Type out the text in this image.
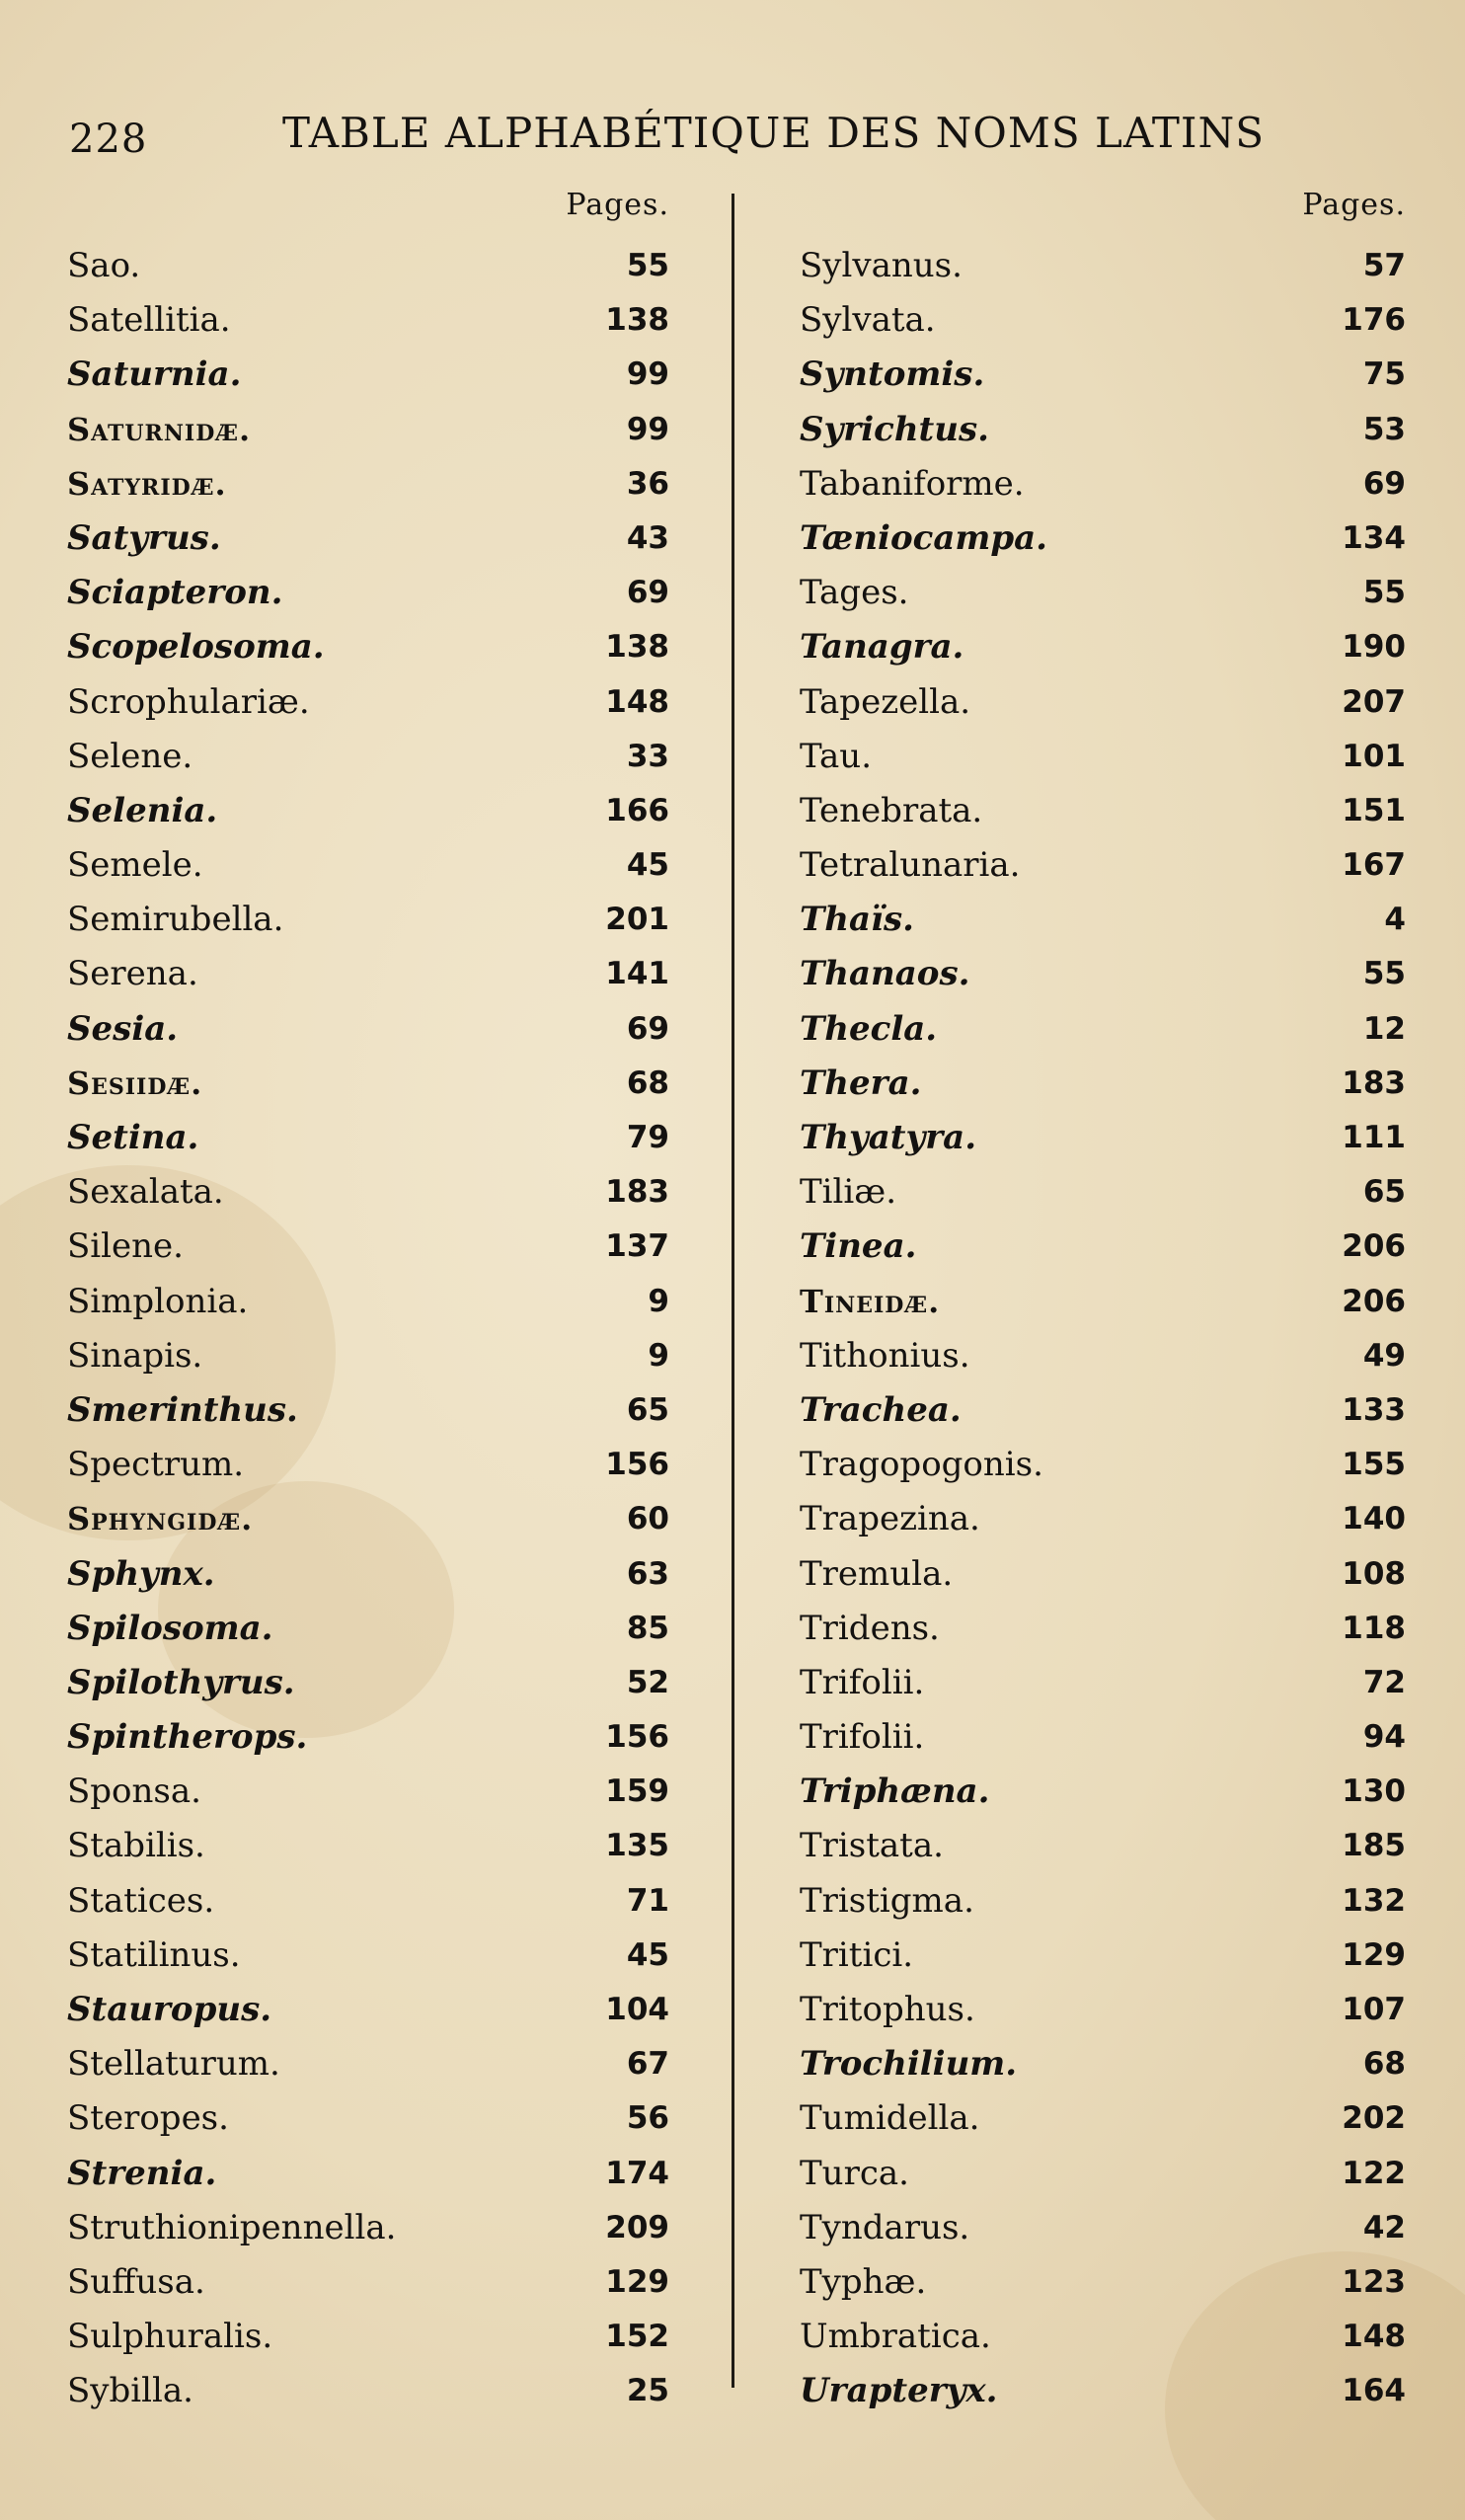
228	TABLE ALPHABÉTIQUE DES NOMS LATINS
Pages.
Sao.	55
Satellitia.	138
Saturnia.	99
Saturnidæ.	99
Satyridæ.	36
Satyrus.	43
Sciapteron.	69
Scopelosoma.	138
Scrophulariæ.	148
Selene.	33
Selenia.	166
Semele.	45
Semirubella.	201
Serena.	141
Sesia.	69
Sesiidæ.	68
Setina.	79
Sexalata.	183
Silene.	137
Simplonia.	9
Sinapis.	9
Smerinthus.	65
Spectrum.	156
Sphyngidæ.	60
Sphynx.	63
Spilosoma.	85
Spilothyrus.	52
Spintherops.	156
Sponsa.	159
Stabilis.	135
Statices.	71
Statilinus.	45
Stauropus.	104
Stellaturum.	67
Steropes.	56
Strenia.	174
Struthionipennella.	209
Suffusa.	129
Sulphuralis.	152
Sybilla.	25
Pages.
Sylvanus.	57
Sylvata.	176
Syntomis.	75
Syrichtus.	53
Tabaniforme.	69
Tæniocampa.	134
Tages.	55
Tanagra.	190
Tapezella.	207
Tau.	101
Tenebrata.	151
Tetralunaria.	167
Thaïs.	4
Thanaos.	55
Thecla.	12
Thera.	183
Thyatyra.	111
Tiliæ.	65
Tinea.	206
Tineidæ.	206
Tithonius.	49
Trachea.	133
Tragopogonis.	155
Trapezina.	140
Tremula.	108
Tridens.	118
Trifolii.	72
Trifolii.	94
Triphæna.	130
Tristata.	185
Tristigma.	132
Tritici.	129
Tritophus.	107
Trochilium.	68
Tumidella.	202
Turca.	122
Tyndarus.	42
Typhæ.	123
Umbratica.	148
Urapteryx.	164
